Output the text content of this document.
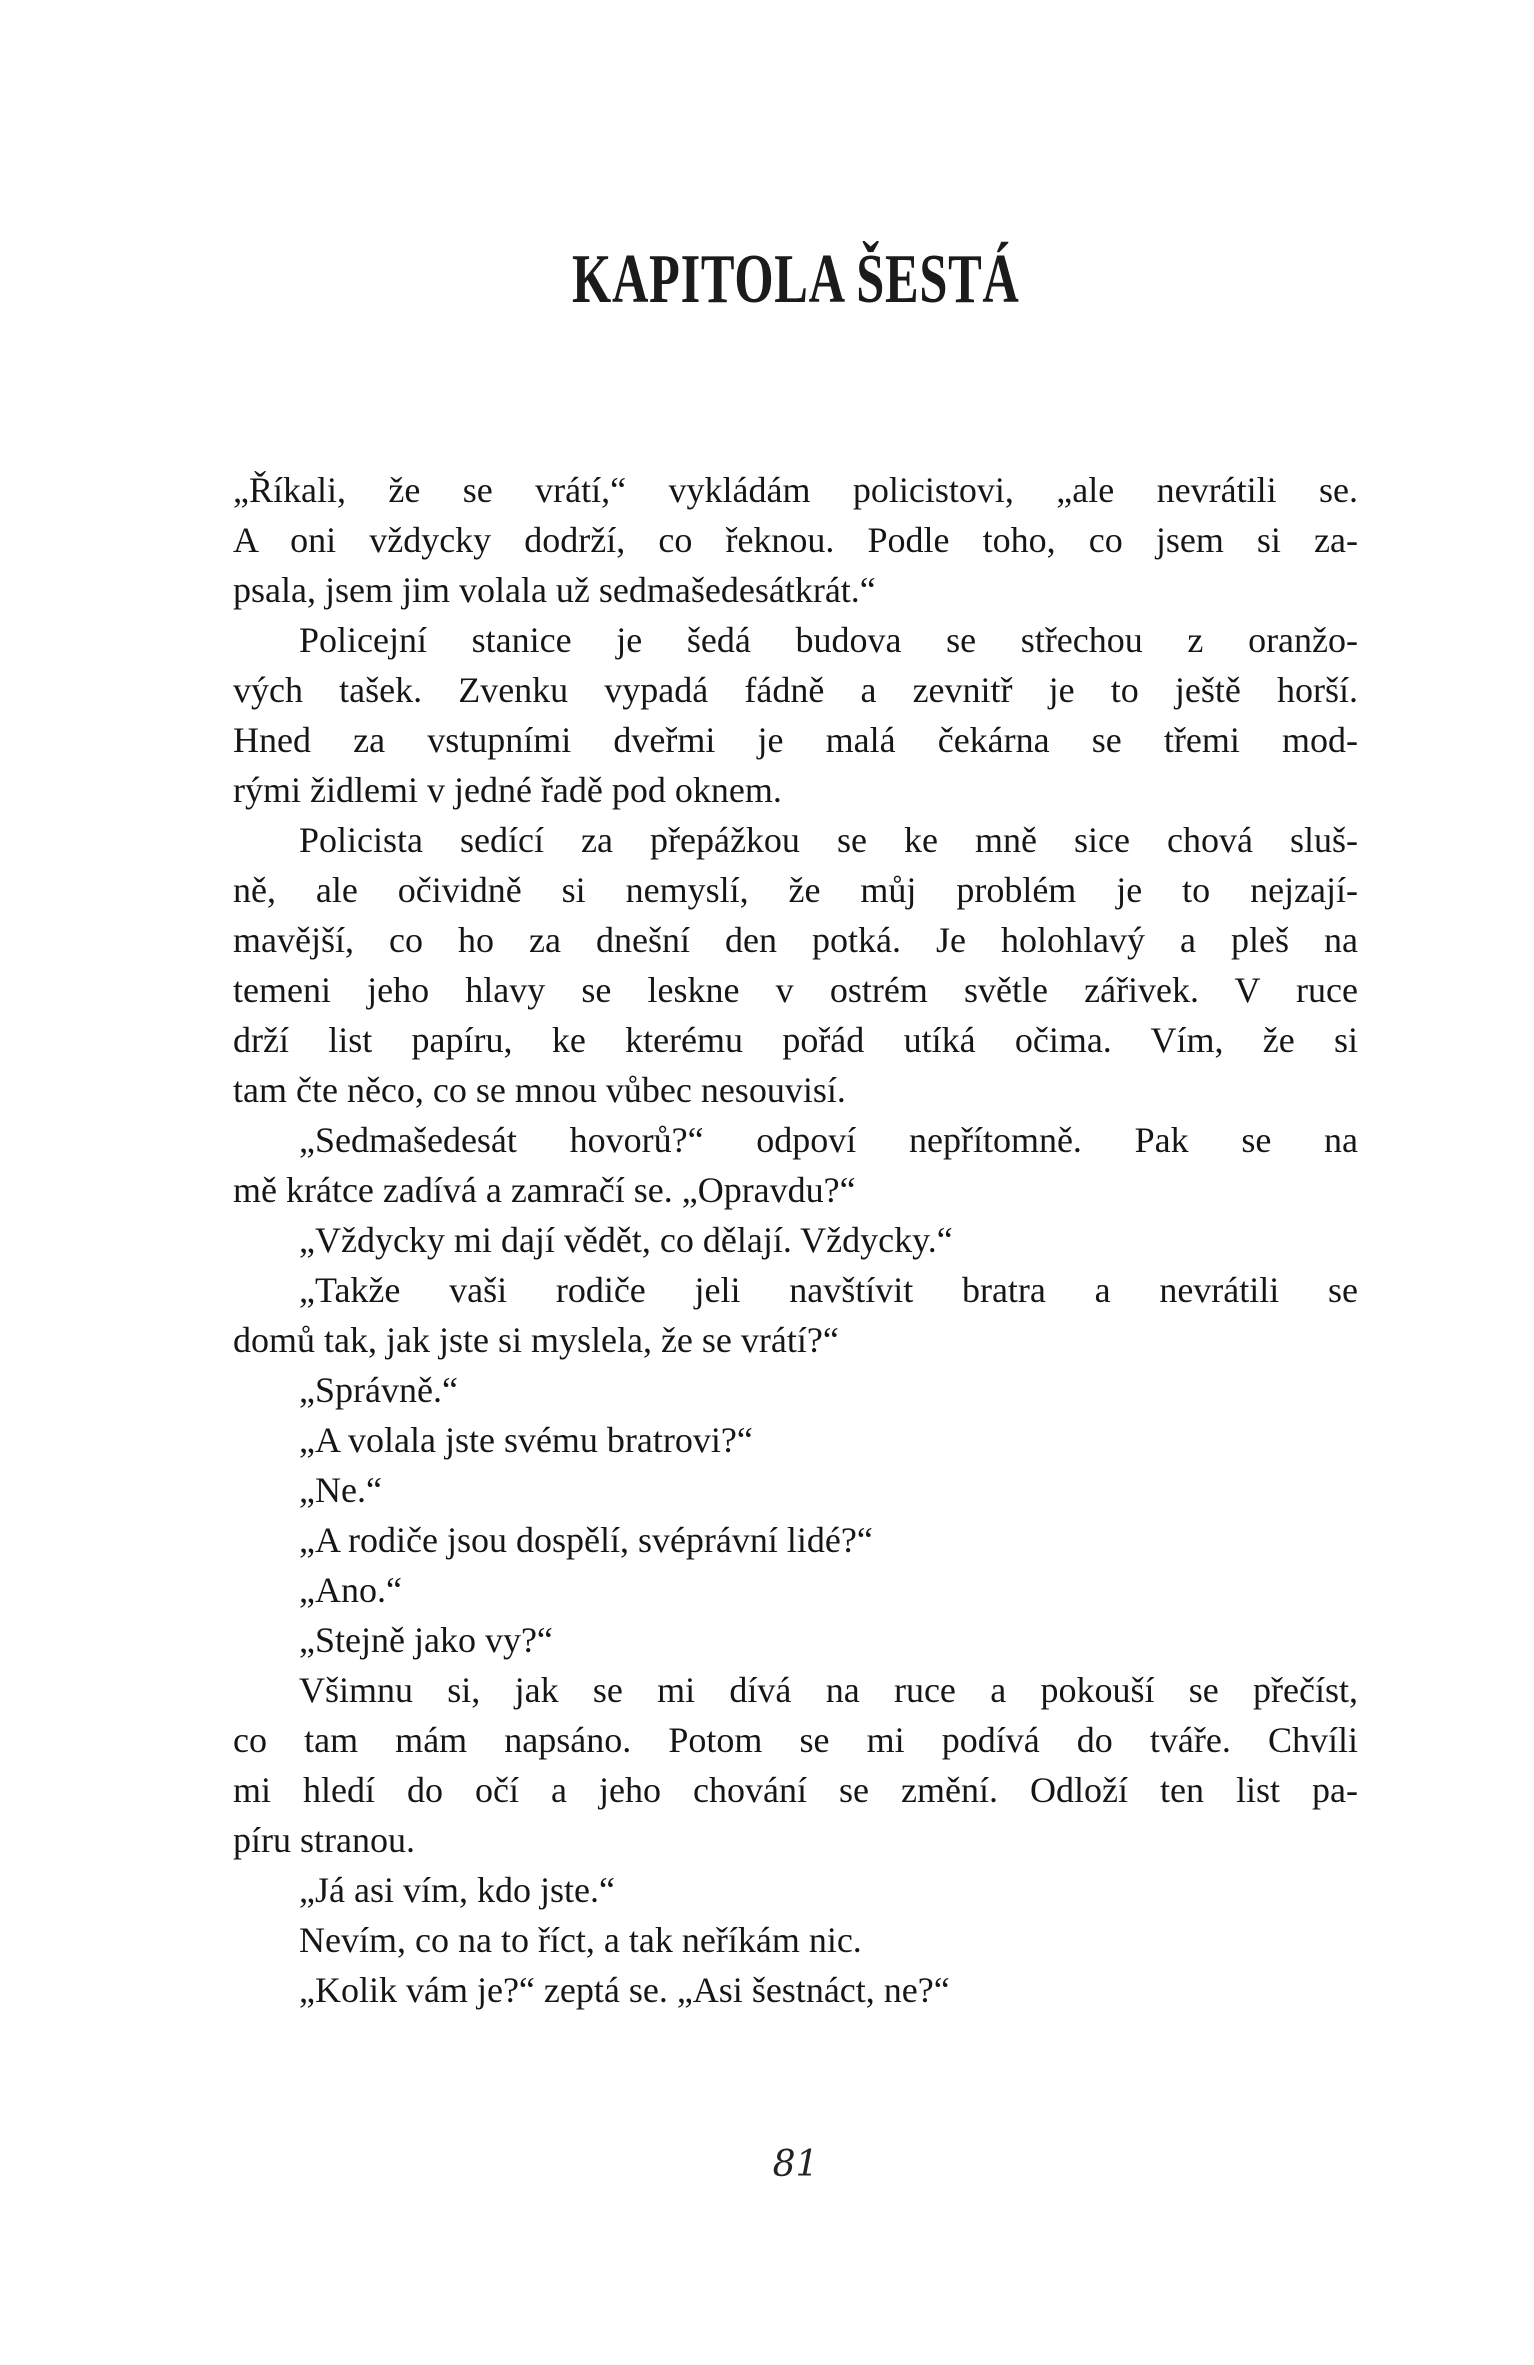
KAPITOLA ŠESTÁ
„Říkali, že se vrátí,“ vykládám policistovi, „ale nevrátili se.
A oni vždycky dodrží, co řeknou. Podle toho, co jsem si za-
psala, jsem jim volala už sedmašedesátkrát.“
Policejní stanice je šedá budova se střechou z oranžo-
vých tašek. Zvenku vypadá fádně a zevnitř je to ještě horší.
Hned za vstupními dveřmi je malá čekárna se třemi mod-
rými židlemi v jedné řadě pod oknem.
Policista sedící za přepážkou se ke mně sice chová sluš-
ně, ale očividně si nemyslí, že můj problém je to nejzají-
mavější, co ho za dnešní den potká. Je holohlavý a pleš na
temeni jeho hlavy se leskne v ostrém světle zářivek. V ruce
drží list papíru, ke kterému pořád utíká očima. Vím, že si
tam čte něco, co se mnou vůbec nesouvisí.
„Sedmašedesát hovorů?“ odpoví nepřítomně. Pak se na
mě krátce zadívá a zamračí se. „Opravdu?“
„Vždycky mi dají vědět, co dělají. Vždycky.“
„Takže vaši rodiče jeli navštívit bratra a nevrátili se
domů tak, jak jste si myslela, že se vrátí?“
„Správně.“
„A volala jste svému bratrovi?“
„Ne.“
„A rodiče jsou dospělí, svéprávní lidé?“
„Ano.“
„Stejně jako vy?“
Všimnu si, jak se mi dívá na ruce a pokouší se přečíst,
co tam mám napsáno. Potom se mi podívá do tváře. Chvíli
mi hledí do očí a jeho chování se změní. Odloží ten list pa-
píru stranou.
„Já asi vím, kdo jste.“
Nevím, co na to říct, a tak neříkám nic.
„Kolik vám je?“ zeptá se. „Asi šestnáct, ne?“
81
